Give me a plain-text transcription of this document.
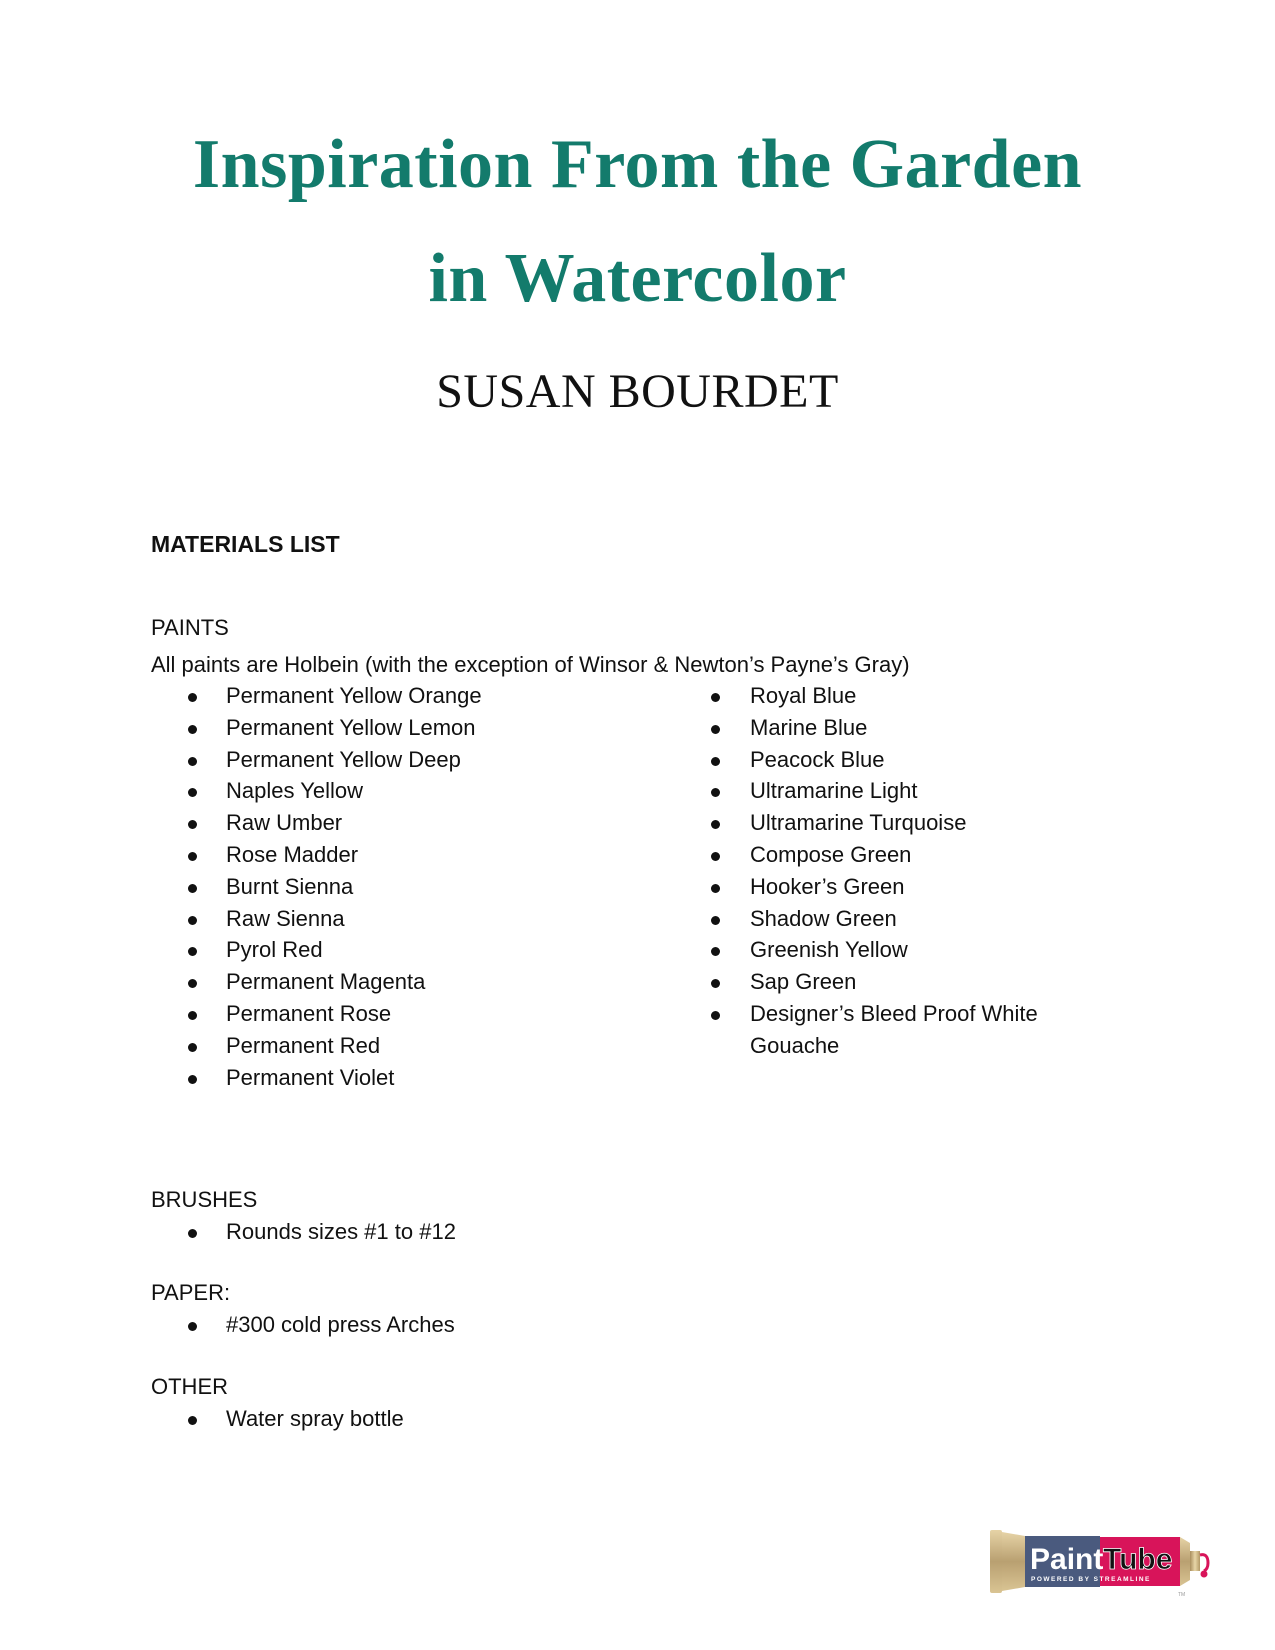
Inspiration From the Garden
in Watercolor
SUSAN BOURDET
MATERIALS LIST
PAINTS
All paints are Holbein (with the exception of Winsor & Newton’s Payne’s Gray)
Permanent Yellow Orange
Permanent Yellow Lemon
Permanent Yellow Deep
Naples Yellow
Raw Umber
Rose Madder
Burnt Sienna
Raw Sienna
Pyrol Red
Permanent Magenta
Permanent Rose
Permanent Red
Permanent Violet
Royal Blue
Marine Blue
Peacock Blue
Ultramarine Light
Ultramarine Turquoise
Compose Green
Hooker’s Green
Shadow Green
Greenish Yellow
Sap Green
Designer’s Bleed Proof White Gouache
BRUSHES
Rounds sizes #1 to #12
PAPER:
#300 cold press Arches
OTHER
Water spray bottle
Paint Tube
POWERED BY STREAMLINE
TM
